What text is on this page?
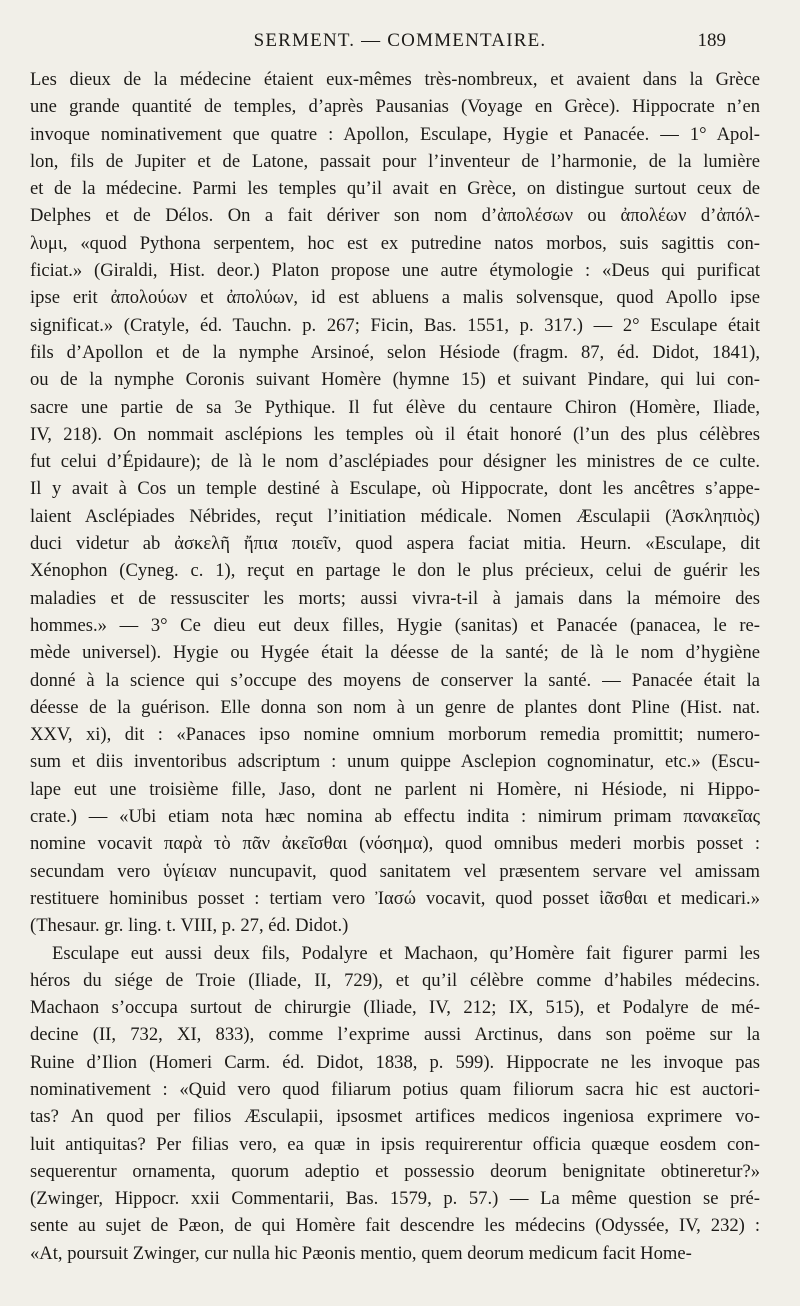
SERMENT. — COMMENTAIRE.	189
Les dieux de la médecine étaient eux-mêmes très-nombreux, et avaient dans la Grèce
une grande quantité de temples, d’après Pausanias (Voyage en Grèce). Hippocrate n’en
invoque nominativement que quatre : Apollon, Esculape, Hygie et Panacée. — 1° Apol-
lon, fils de Jupiter et de Latone, passait pour l’inventeur de l’harmonie, de la lumière
et de la médecine. Parmi les temples qu’il avait en Grèce, on distingue surtout ceux de
Delphes et de Délos. On a fait dériver son nom d’ἀπολέσων ou ἀπολέων d’ἀπόλ-
λυμι, «quod Pythona serpentem, hoc est ex putredine natos morbos, suis sagittis con-
ficiat.» (Giraldi, Hist. deor.) Platon propose une autre étymologie : «Deus qui purificat
ipse erit ἀπολούων et ἀπολύων, id est abluens a malis solvensque, quod Apollo ipse
significat.» (Cratyle, éd. Tauchn. p. 267; Ficin, Bas. 1551, p. 317.) — 2° Esculape était
fils d’Apollon et de la nymphe Arsinoé, selon Hésiode (fragm. 87, éd. Didot, 1841),
ou de la nymphe Coronis suivant Homère (hymne 15) et suivant Pindare, qui lui con-
sacre une partie de sa 3e Pythique. Il fut élève du centaure Chiron (Homère, Iliade,
IV, 218). On nommait asclépions les temples où il était honoré (l’un des plus célèbres
fut celui d’Épidaure); de là le nom d’asclépiades pour désigner les ministres de ce culte.
Il y avait à Cos un temple destiné à Esculape, où Hippocrate, dont les ancêtres s’appe-
laient Asclépiades Nébrides, reçut l’initiation médicale. Nomen Æsculapii (Ἀσκληπιὸς)
duci videtur ab ἀσκελῆ ἤπια ποιεῖν, quod aspera faciat mitia. Heurn. «Esculape, dit
Xénophon (Cyneg. c. 1), reçut en partage le don le plus précieux, celui de guérir les
maladies et de ressusciter les morts; aussi vivra-t-il à jamais dans la mémoire des
hommes.» — 3° Ce dieu eut deux filles, Hygie (sanitas) et Panacée (panacea, le re-
mède universel). Hygie ou Hygée était la déesse de la santé; de là le nom d’hygiène
donné à la science qui s’occupe des moyens de conserver la santé. — Panacée était la
déesse de la guérison. Elle donna son nom à un genre de plantes dont Pline (Hist. nat.
XXV, xi), dit : «Panaces ipso nomine omnium morborum remedia promittit; numero-
sum et diis inventoribus adscriptum : unum quippe Asclepion cognominatur, etc.» (Escu-
lape eut une troisième fille, Jaso, dont ne parlent ni Homère, ni Hésiode, ni Hippo-
crate.) — «Ubi etiam nota hæc nomina ab effectu indita : nimirum primam πανακεῖας
nomine vocavit παρὰ τὸ πᾶν ἀκεῖσθαι (νόσημα), quod omnibus mederi morbis posset :
secundam vero ὑγίειαν nuncupavit, quod sanitatem vel præsentem servare vel amissam
restituere hominibus posset : tertiam vero Ἰασώ vocavit, quod posset ἰᾶσθαι et medicari.»
(Thesaur. gr. ling. t. VIII, p. 27, éd. Didot.)
Esculape eut aussi deux fils, Podalyre et Machaon, qu’Homère fait figurer parmi les
héros du siége de Troie (Iliade, II, 729), et qu’il célèbre comme d’habiles médecins.
Machaon s’occupa surtout de chirurgie (Iliade, IV, 212; IX, 515), et Podalyre de mé-
decine (II, 732, XI, 833), comme l’exprime aussi Arctinus, dans son poëme sur la
Ruine d’Ilion (Homeri Carm. éd. Didot, 1838, p. 599). Hippocrate ne les invoque pas
nominativement : «Quid vero quod filiarum potius quam filiorum sacra hic est auctori-
tas? An quod per filios Æsculapii, ipsosmet artifices medicos ingeniosa exprimere vo-
luit antiquitas? Per filias vero, ea quæ in ipsis requirerentur officia quæque eosdem con-
sequerentur ornamenta, quorum adeptio et possessio deorum benignitate obtineretur?»
(Zwinger, Hippocr. xxii Commentarii, Bas. 1579, p. 57.) — La même question se pré-
sente au sujet de Pæon, de qui Homère fait descendre les médecins (Odyssée, IV, 232) :
«At, poursuit Zwinger, cur nulla hic Pæonis mentio, quem deorum medicum facit Home-
